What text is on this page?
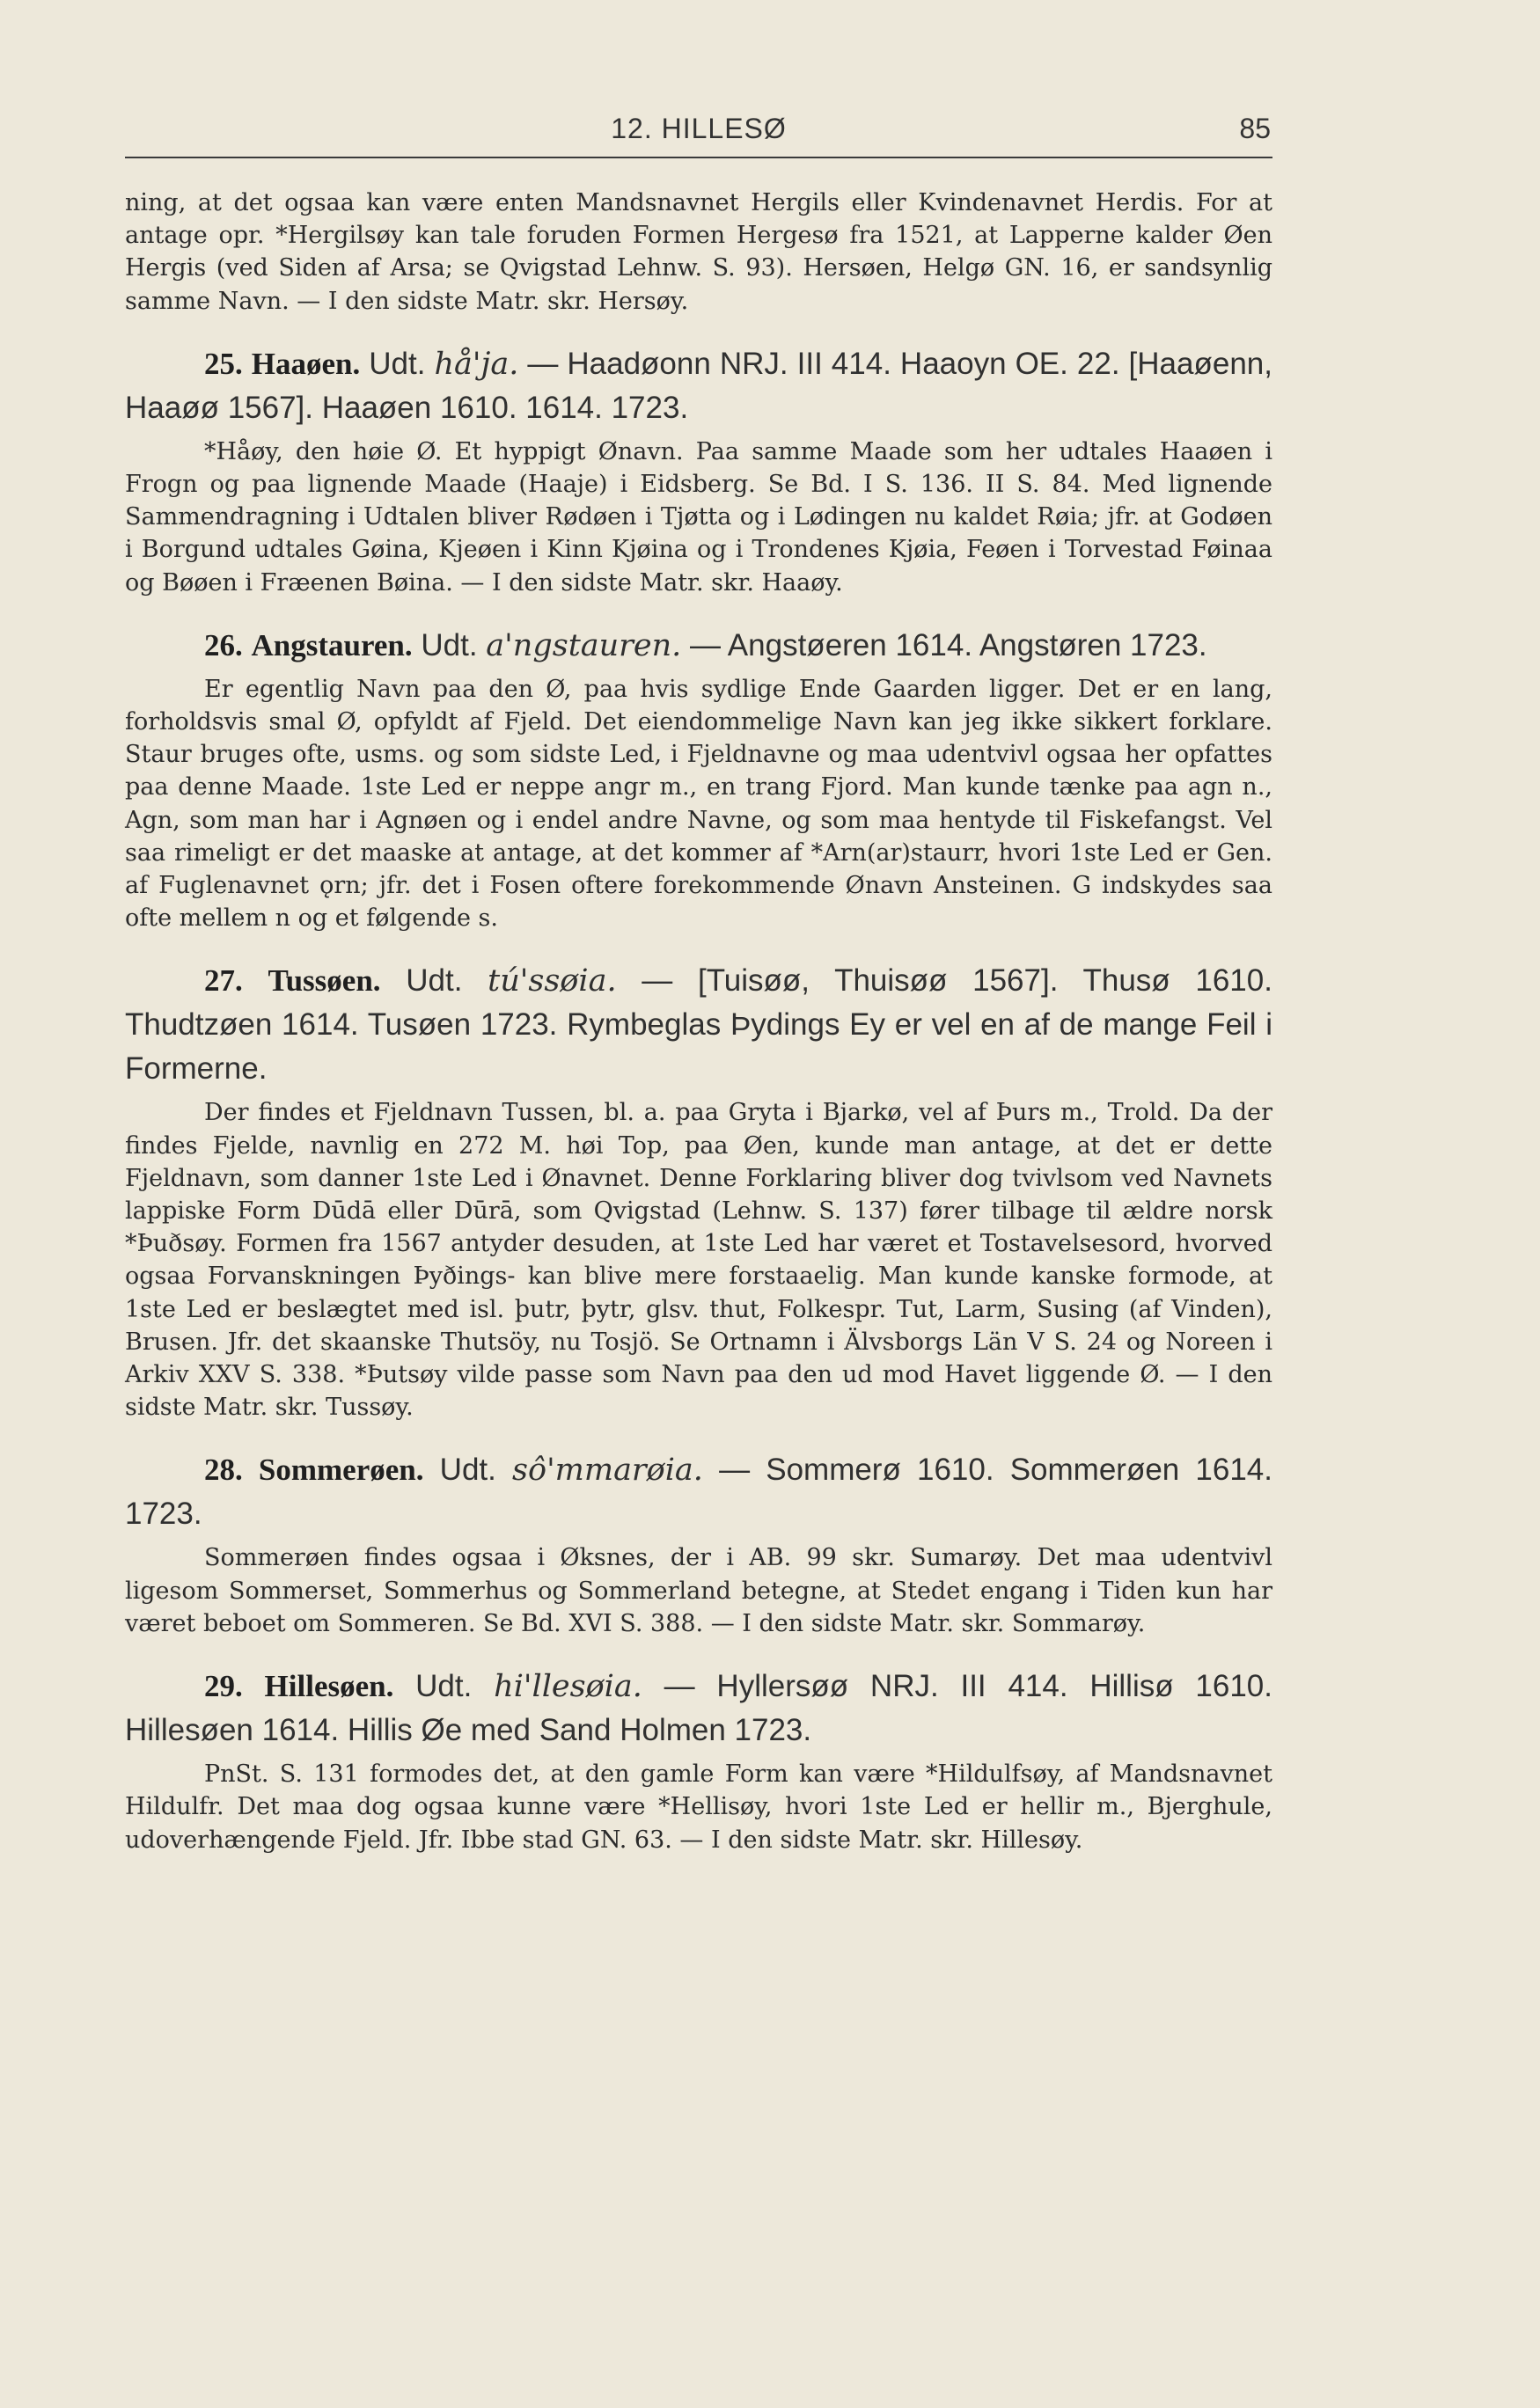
12. HILLESØ	85

ning, at det ogsaa kan være enten Mandsnavnet Hergils eller Kvindenavnet Herdis. For at antage opr. *Hergilsøy kan tale foruden Formen Hergesø fra 1521, at Lapperne kalder Øen Hergis (ved Siden af Arsa; se Qvigstad Lehnw. S. 93). Hersøen, Helgø GN. 16, er sandsynlig samme Navn. — I den sidste Matr. skr. Hersøy.

25. Haaøen. Udt. hå'ja. — Haadøonn NRJ. III 414. Haaoyn OE. 22. [Haaøenn, Haaøø 1567]. Haaøen 1610. 1614. 1723.

*Håøy, den høie Ø. Et hyppigt Ønavn. Paa samme Maade som her udtales Haaøen i Frogn og paa lignende Maade (Haaje) i Eidsberg. Se Bd. I S. 136. II S. 84. Med lignende Sammendragning i Udtalen bliver Rødøen i Tjøtta og i Lødingen nu kaldet Røia; jfr. at Godøen i Borgund udtales Gøina, Kjeøen i Kinn Kjøina og i Trondenes Kjøia, Feøen i Torvestad Føinaa og Bøøen i Fræenen Bøina. — I den sidste Matr. skr. Haaøy.

26. Angstauren. Udt. a'ngstauren. — Angstøeren 1614. Angstøren 1723.

Er egentlig Navn paa den Ø, paa hvis sydlige Ende Gaarden ligger. Det er en lang, forholdsvis smal Ø, opfyldt af Fjeld. Det eiendommelige Navn kan jeg ikke sikkert forklare. Staur bruges ofte, usms. og som sidste Led, i Fjeldnavne og maa udentvivl ogsaa her opfattes paa denne Maade. 1ste Led er neppe angr m., en trang Fjord. Man kunde tænke paa agn n., Agn, som man har i Agnøen og i endel andre Navne, og som maa hentyde til Fiskefangst. Vel saa rimeligt er det maaske at antage, at det kommer af *Arn(ar)staurr, hvori 1ste Led er Gen. af Fuglenavnet ǫrn; jfr. det i Fosen oftere forekommende Ønavn Ansteinen. G indskydes saa ofte mellem n og et følgende s.

27. Tussøen. Udt. tú'ssøia. — [Tuisøø, Thuisøø 1567]. Thusø 1610. Thudtzøen 1614. Tusøen 1723. Rymbeglas Þydings Ey er vel en af de mange Feil i Formerne.

Der findes et Fjeldnavn Tussen, bl. a. paa Gryta i Bjarkø, vel af Þurs m., Trold. Da der findes Fjelde, navnlig en 272 M. høi Top, paa Øen, kunde man antage, at det er dette Fjeldnavn, som danner 1ste Led i Ønavnet. Denne Forklaring bliver dog tvivlsom ved Navnets lappiske Form Dūdā eller Dūrā, som Qvigstad (Lehnw. S. 137) fører tilbage til ældre norsk *Þuðsøy. Formen fra 1567 antyder desuden, at 1ste Led har været et Tostavelsesord, hvorved ogsaa Forvanskningen Þyðings- kan blive mere forstaaelig. Man kunde kanske formode, at 1ste Led er beslægtet med isl. þutr, þytr, glsv. thut, Folkespr. Tut, Larm, Susing (af Vinden), Brusen. Jfr. det skaanske Thutsöy, nu Tosjö. Se Ortnamn i Älvsborgs Län V S. 24 og Noreen i Arkiv XXV S. 338. *Þutsøy vilde passe som Navn paa den ud mod Havet liggende Ø. — I den sidste Matr. skr. Tussøy.

28. Sommerøen. Udt. sô'mmarøia. — Sommerø 1610. Sommerøen 1614. 1723.

Sommerøen findes ogsaa i Øksnes, der i AB. 99 skr. Sumarøy. Det maa udentvivl ligesom Sommerset, Sommerhus og Sommerland betegne, at Stedet engang i Tiden kun har været beboet om Sommeren. Se Bd. XVI S. 388. — I den sidste Matr. skr. Sommarøy.

29. Hillesøen. Udt. hi'llesøia. — Hyllersøø NRJ. III 414. Hillisø 1610. Hillesøen 1614. Hillis Øe med Sand Holmen 1723.

PnSt. S. 131 formodes det, at den gamle Form kan være *Hildulfsøy, af Mandsnavnet Hildulfr. Det maa dog ogsaa kunne være *Hellisøy, hvori 1ste Led er hellir m., Bjerghule, udoverhængende Fjeld. Jfr. Ibbe stad GN. 63. — I den sidste Matr. skr. Hillesøy.
